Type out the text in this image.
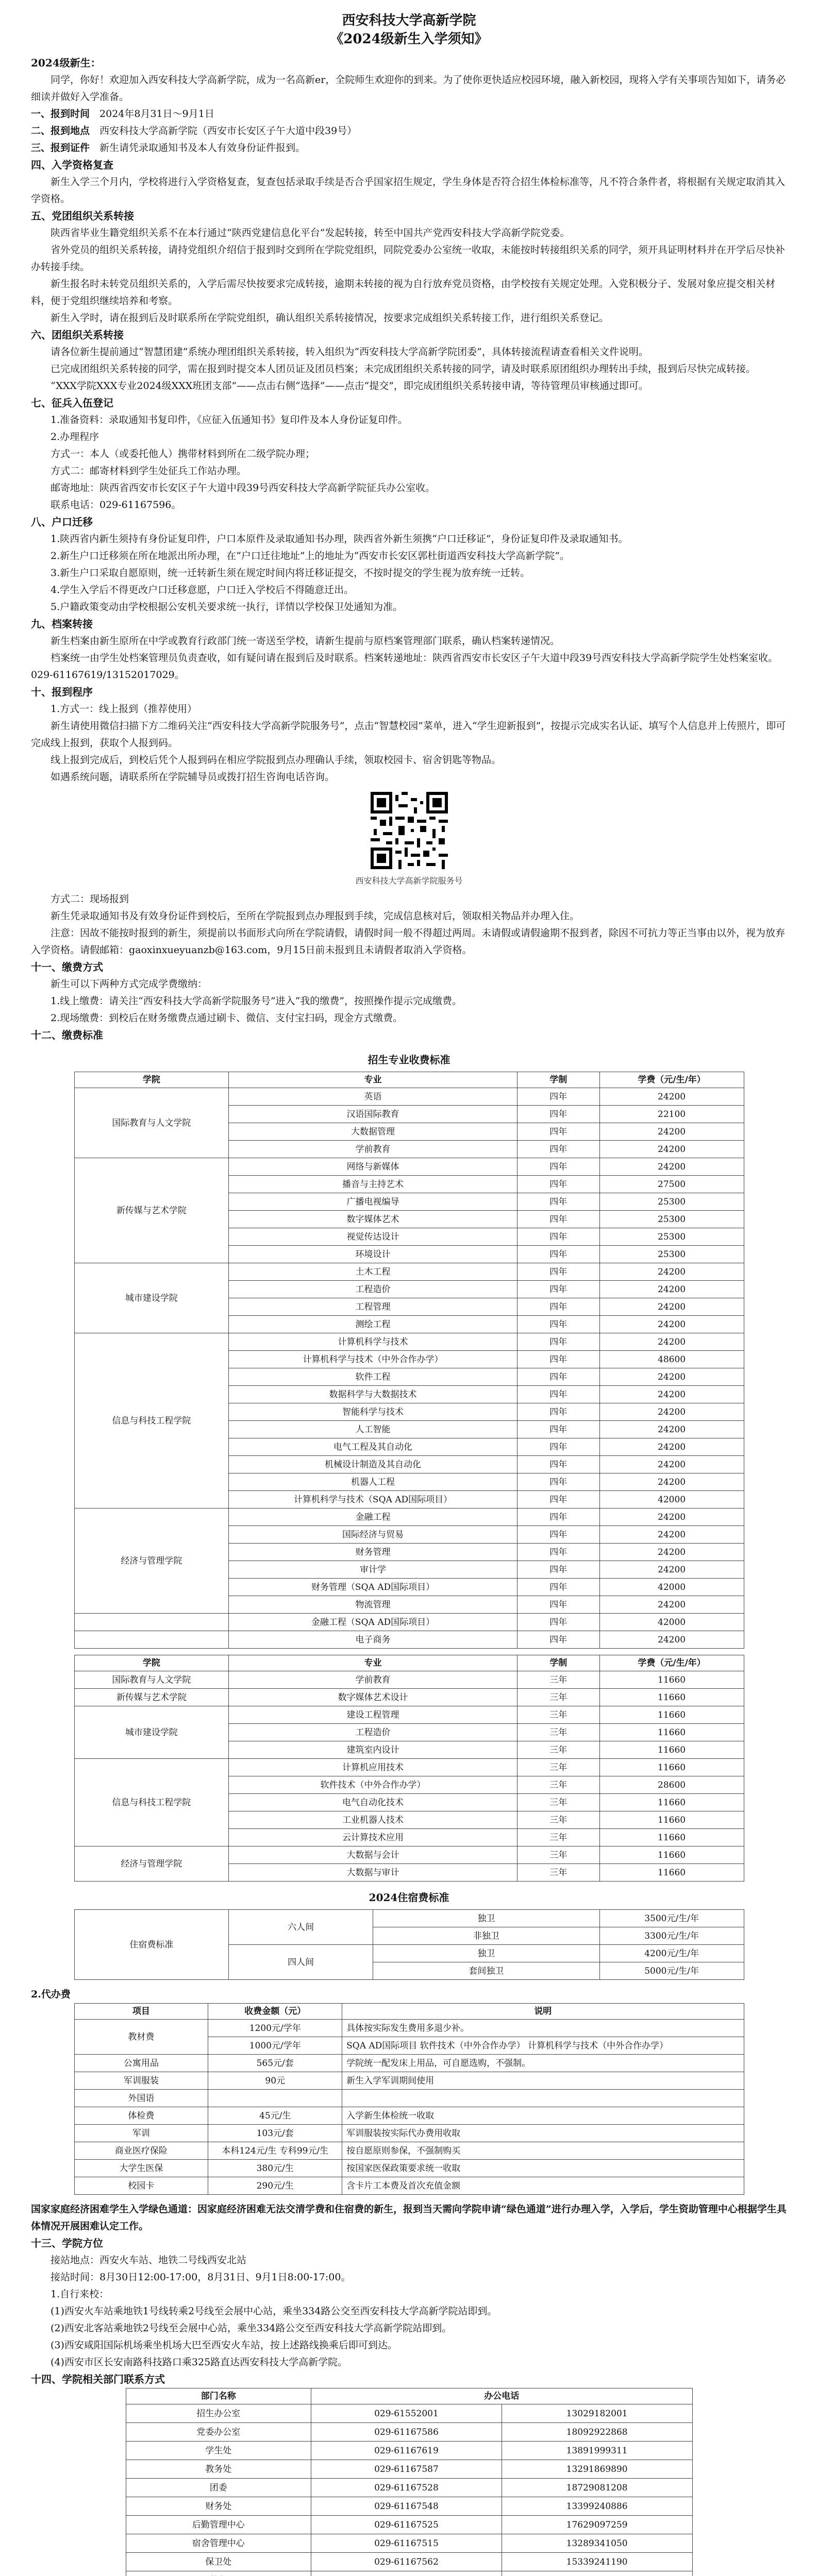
西安科技大学高新学院
《2024级新生入学须知》

2024级新生：

同学，你好！欢迎加入西安科技大学高新学院，成为一名高新er，全院师生欢迎你的到来。为了使你更快适应校园环境，融入新校园，现将入学有关事项告知如下，请务必细读并做好入学准备。

一、报到时间　 2024年8月31日～9月1日

二、报到地点　 西安科技大学高新学院（西安市长安区子午大道中段39号）

三、报到证件　 新生请凭录取通知书及本人有效身份证件报到。

四、入学资格复查

新生入学三个月内，学校将进行入学资格复查，复查包括录取手续是否合乎国家招生规定，学生身体是否符合招生体检标准等，凡不符合条件者，将根据有关规定取消其入学资格。

五、党团组织关系转接

陕西省毕业生籍党组织关系不在本行通过“陕西党建信息化平台”发起转接，转至中国共产党西安科技大学高新学院党委。

省外党员的组织关系转接，请持党组织介绍信于报到时交到所在学院党组织，同院党委办公室统一收取，未能按时转接组织关系的同学，须开具证明材料并在开学后尽快补办转接手续。

新生报名时未转党员组织关系的，入学后需尽快按要求完成转接，逾期未转接的视为自行放弃党员资格，由学校按有关规定处理。入党积极分子、发展对象应提交相关材料，便于党组织继续培养和考察。

新生入学时，请在报到后及时联系所在学院党组织，确认组织关系转接情况，按要求完成组织关系转接工作，进行组织关系登记。

六、团组织关系转接

请各位新生提前通过“智慧团建”系统办理团组织关系转接，转入组织为“西安科技大学高新学院团委”，具体转接流程请查看相关文件说明。

已完成团组织关系转接的同学，需在报到时提交本人团员证及团员档案；未完成团组织关系转接的同学，请及时联系原团组织办理转出手续，报到后尽快完成转接。

“XXX学院XXX专业2024级XXX班团支部”——点击右侧“选择”——点击“提交”，即完成团组织关系转接申请，等待管理员审核通过即可。

七、征兵入伍登记

1.准备资料：录取通知书复印件，《应征入伍通知书》复印件及本人身份证复印件。

2.办理程序

方式一：本人（或委托他人）携带材料到所在二级学院办理；

方式二：邮寄材料到学生处征兵工作站办理。

邮寄地址：陕西省西安市长安区子午大道中段39号西安科技大学高新学院征兵办公室收。

联系电话：029-61167596。

八、户口迁移

1.陕西省内新生须持有身份证复印件，户口本原件及录取通知书办理，陕西省外新生须携“户口迁移证”，身份证复印件及录取通知书。

2.新生户口迁移须在所在地派出所办理，在“户口迁往地址”上的地址为“西安市长安区郭杜街道西安科技大学高新学院”。

3.新生户口采取自愿原则，统一迁转新生须在规定时间内将迁移证提交，不按时提交的学生视为放弃统一迁转。

4.学生入学后不得更改户口迁移意愿，户口迁入学校后不得随意迁出。

5.户籍政策变动由学校根据公安机关要求统一执行，详情以学校保卫处通知为准。

九、档案转接

新生档案由新生原所在中学或教育行政部门统一寄送至学校，请新生提前与原档案管理部门联系，确认档案转递情况。

档案统一由学生处档案管理员负责查收，如有疑问请在报到后及时联系。档案转递地址：陕西省西安市长安区子午大道中段39号西安科技大学高新学院学生处档案室收。

029-61167619/13152017029。

十、报到程序

1.方式一：线上报到（推荐使用）

新生请使用微信扫描下方二维码关注“西安科技大学高新学院服务号”，点击“智慧校园”菜单，进入“学生迎新报到”，按提示完成实名认证、填写个人信息并上传照片，即可完成线上报到，获取个人报到码。

线上报到完成后，到校后凭个人报到码在相应学院报到点办理确认手续，领取校园卡、宿舍钥匙等物品。

如遇系统问题，请联系所在学院辅导员或拨打招生咨询电话咨询。

西安科技大学高新学院服务号

方式二：现场报到

新生凭录取通知书及有效身份证件到校后，至所在学院报到点办理报到手续，完成信息核对后，领取相关物品并办理入住。

注意：因故不能按时报到的新生，须提前以书面形式向所在学院请假，请假时间一般不得超过两周。未请假或请假逾期不报到者，除因不可抗力等正当事由以外，视为放弃入学资格。请假邮箱：gaoxinxueyuanzb@163.com，9月15日前未报到且未请假者取消入学资格。

十一、缴费方式

新生可以下两种方式完成学费缴纳：

1.线上缴费：请关注“西安科技大学高新学院服务号”进入“我的缴费”，按照操作提示完成缴费。

2.现场缴费：到校后在财务缴费点通过刷卡、微信、支付宝扫码，现金方式缴费。

十二、缴费标准

招生专业收费标准
学院	专业	学制	学费（元/生/年）
国际教育与人文学院	英语	四年	24200
	汉语国际教育	四年	22100
	大数据管理	四年	24200
	学前教育	四年	24200
新传媒与艺术学院	网络与新媒体	四年	24200
	播音与主持艺术	四年	27500
	广播电视编导	四年	25300
	数字媒体艺术	四年	25300
	视觉传达设计	四年	25300
	环境设计	四年	25300
城市建设学院	土木工程	四年	24200
	工程造价	四年	24200
	工程管理	四年	24200
	测绘工程	四年	24200
信息与科技工程学院	计算机科学与技术	四年	24200
	计算机科学与技术（中外合作办学）	四年	48600
	软件工程	四年	24200
	数据科学与大数据技术	四年	24200
	智能科学与技术	四年	24200
	人工智能	四年	24200
	电气工程及其自动化	四年	24200
	机械设计制造及其自动化	四年	24200
	机器人工程	四年	24200
	计算机科学与技术（SQA AD国际项目）	四年	42000
经济与管理学院	金融工程	四年	24200
	国际经济与贸易	四年	24200
	财务管理	四年	24200
	审计学	四年	24200
	财务管理（SQA AD国际项目）	四年	42000
	物流管理	四年	24200
	金融工程（SQA AD国际项目）	四年	42000
	电子商务	四年	24200
学院	专业	学制	学费（元/生/年）
国际教育与人文学院	学前教育	三年	11660
新传媒与艺术学院	数字媒体艺术设计	三年	11660
城市建设学院	建设工程管理	三年	11660
	工程造价	三年	11660
	建筑室内设计	三年	11660
信息与科技工程学院	计算机应用技术	三年	11660
	软件技术（中外合作办学）	三年	28600
	电气自动化技术	三年	11660
	工业机器人技术	三年	11660
	云计算技术应用	三年	11660
经济与管理学院	大数据与会计	三年	11660
	大数据与审计	三年	11660
2024住宿费标准
住宿费标准	六人间	独卫	3500元/生/年
		非独卫	3300元/生/年
	四人间	独卫	4200元/生/年
		套间独卫	5000元/生/年

2.代办费

项目	收费金额（元）	说明
教材费	1200元/学年	具体按实际发生费用多退少补。
	1000元/学年	SQA AD国际项目 软件技术（中外合作办学） 计算机科学与技术（中外合作办学）
公寓用品	565元/套	学院统一配发床上用品，可自愿选购，不强制。
军训服装	90元	新生入学军训期间使用
外国语		
体检费	45元/生	入学新生体检统一收取
军训	103元/套	军训服装按实际代办费用收取
商业医疗保险	本科124元/生 专科99元/生	按自愿原则参保，不强制购买
大学生医保	380元/生	按国家医保政策要求统一收取
校园卡	290元/生	含卡片工本费及首次充值金额

国家家庭经济困难学生入学绿色通道：因家庭经济困难无法交清学费和住宿费的新生，报到当天需向学院申请“绿色通道”进行办理入学，入学后，学生资助管理中心根据学生具体情况开展困难认定工作。

十三、学院方位

接站地点：西安火车站、地铁二号线西安北站

接站时间：8月30日12:00-17:00，8月31日、9月1日8:00-17:00。

1.自行来校：

(1)西安火车站乘地铁1号线转乘2号线至会展中心站，乘坐334路公交至西安科技大学高新学院站即到。

(2)西安北客站乘地铁2号线至会展中心站，乘坐334路公交至西安科技大学高新学院站即到。

(3)西安咸阳国际机场乘坐机场大巴至西安火车站，按上述路线换乘后即可到达。

(4)西安市区长安南路科技路口乘325路直达西安科技大学高新学院。

十四、学院相关部门联系方式

部门名称	办公电话	
招生办公室	029-61552001	13029182001
党委办公室	029-61167586	18092922868
学生处	029-61167619	13891999311
教务处	029-61167587	13291869890
团委	029-61167528	18729081208
财务处	029-61167548	13399240886
后勤管理中心	029-61167525	17629097259
宿舍管理中心	029-61167515	13289341050
保卫处	029-61167562	15339241190
